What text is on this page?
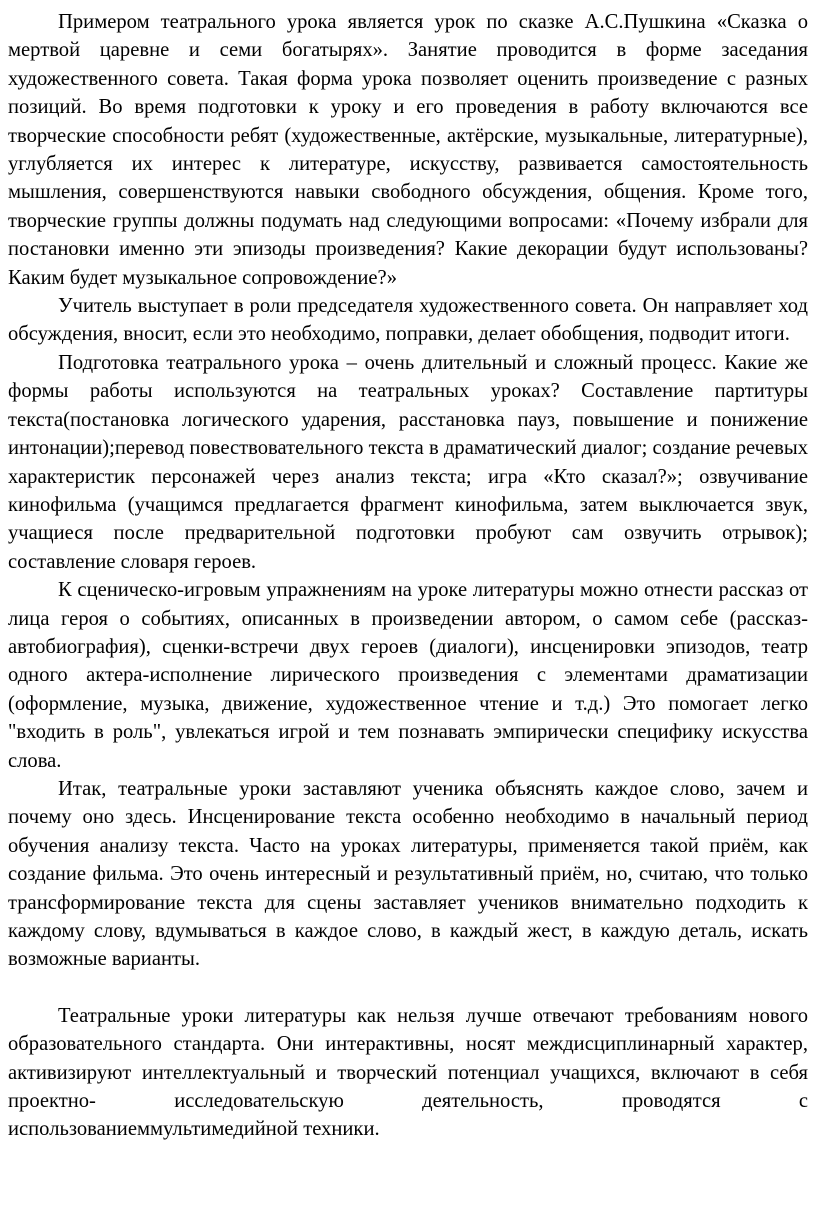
Примером театрального урока является урок по сказке А.С.Пушкина «Сказка о мертвой царевне и семи богатырях». Занятие проводится в форме заседания художественного совета. Такая форма урока позволяет оценить произведение с разных позиций. Во время подготовки к уроку и его проведения в работу включаются все творческие способности ребят (художественные, актёрские, музыкальные, литературные), углубляется их интерес к литературе, искусству, развивается самостоятельность мышления, совершенствуются навыки свободного обсуждения, общения. Кроме того, творческие группы должны подумать над следующими вопросами: «Почему избрали для постановки именно эти эпизоды произведения? Какие декорации будут использованы? Каким будет музыкальное сопровождение?»

Учитель выступает в роли председателя художественного совета. Он направляет ход обсуждения, вносит, если это необходимо, поправки, делает обобщения, подводит итоги.

Подготовка театрального урока – очень длительный и сложный процесс. Какие же формы работы используются на театральных уроках? Составление партитуры текста(постановка логического ударения, расстановка пауз, повышение и понижение интонации);перевод повествовательного текста в драматический диалог; создание речевых характеристик персонажей через анализ текста; игра «Кто сказал?»; озвучивание кинофильма (учащимся предлагается фрагмент кинофильма, затем выключается звук, учащиеся после предварительной подготовки пробуют сам озвучить отрывок); составление словаря героев.

К сценическо-игровым упражнениям на уроке литературы можно отнести рассказ от лица героя о событиях, описанных в произведении автором, о самом себе (рассказ-автобиография), сценки-встречи двух героев (диалоги), инсценировки эпизодов, театр одного актера-исполнение лирического произведения с элементами драматизации (оформление, музыка, движение, художественное чтение и т.д.) Это помогает легко "входить в роль", увлекаться игрой и тем познавать эмпирически специфику искусства слова.

Итак, театральные уроки заставляют ученика объяснять каждое слово, зачем и почему оно здесь. Инсценирование текста особенно необходимо в начальный период обучения анализу текста. Часто на уроках литературы, применяется такой приём, как создание фильма. Это очень интересный и результативный приём, но, считаю, что только трансформирование текста для сцены заставляет учеников внимательно подходить к каждому слову, вдумываться в каждое слово, в каждый жест, в каждую деталь, искать возможные варианты.

Театральные уроки литературы как нельзя лучше отвечают требованиям нового образовательного стандарта. Они интерактивны, носят междисциплинарный характер, активизируют интеллектуальный и творческий потенциал учащихся, включают в себя проектно- исследовательскую деятельность, проводятся с использованиеммультимедийной техники.
